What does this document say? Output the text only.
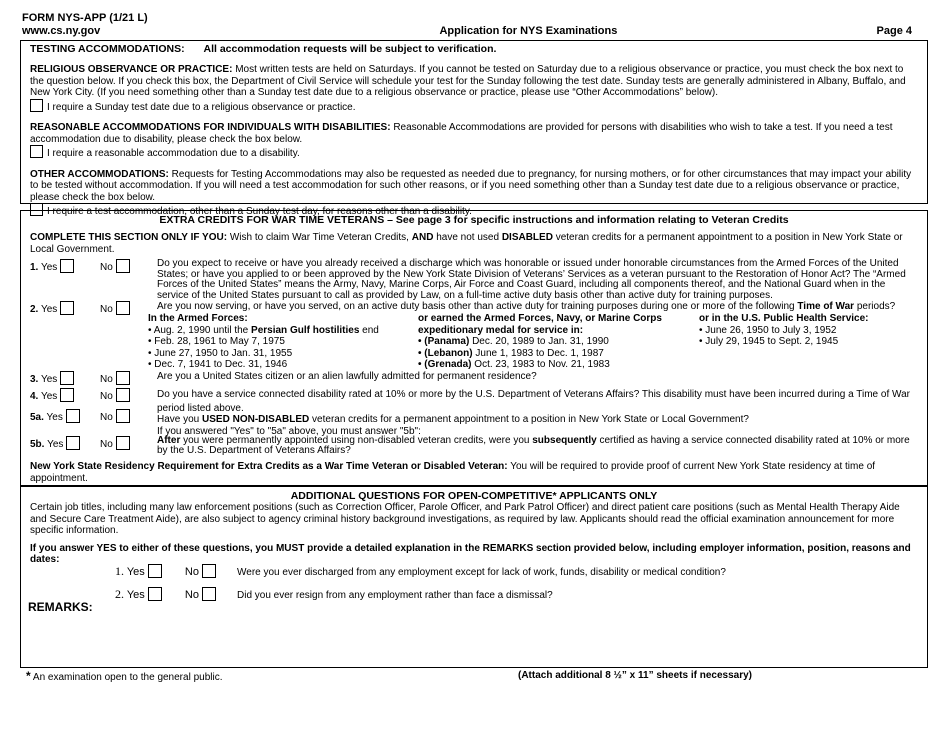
FORM NYS-APP (1/21 L)
www.cs.ny.gov	Application for NYS Examinations	Page 4

TESTING ACCOMMODATIONS: All accommodation requests will be subject to verification.

RELIGIOUS OBSERVANCE OR PRACTICE: Most written tests are held on Saturdays. If you cannot be tested on Saturday due to a religious observance or practice, you must check the box next to the question below. If you check this box, the Department of Civil Service will schedule your test for the Sunday following the test date. Sunday tests are generally administered in Albany, Buffalo, and New York City. (If you need something other than a Sunday test date due to a religious observance or practice, please use “Other Accommodations” below).

I require a Sunday test date due to a religious observance or practice.

REASONABLE ACCOMMODATIONS FOR INDIVIDUALS WITH DISABILITIES: Reasonable Accommodations are provided for persons with disabilities who wish to take a test. If you need a test accommodation due to disability, please check the box below.

I require a reasonable accommodation due to a disability.

OTHER ACCOMMODATIONS: Requests for Testing Accommodations may also be requested as needed due to pregnancy, for nursing mothers, or for other circumstances that may impact your ability to be tested without accommodation. If you will need a test accommodation for such other reasons, or if you need something other than a Sunday test date due to a religious observance or practice, please check the box below.

I require a test accommodation, other than a Sunday test day, for reasons other than a disability.

EXTRA CREDITS FOR WAR TIME VETERANS – See page 3 for specific instructions and information relating to Veteran Credits
COMPLETE THIS SECTION ONLY IF YOU: Wish to claim War Time Veteran Credits, AND have not used DISABLED veteran credits for a permanent appointment to a position in New York State or Local Government.
1. Yes	No	Do you expect to receive or have you already received a discharge which was honorable or issued under honorable circumstances from the Armed Forces of the United States; or have you applied to or been approved by the New York State Division of Veterans’ Services as a veteran pursuant to the Restoration of Honor Act? The “Armed Forces of the United States” means the Army, Navy, Marine Corps, Air Force and Coast Guard, including all components thereof, and the National Guard when in the service of the United States pursuant to call as provided by Law, on a full-time active duty basis other than active duty for training purposes.
2. Yes	No	Are you now serving, or have you served, on an active duty basis other than active duty for training purposes during one or more of the following Time of War periods?
In the Armed Forces:
• Aug. 2, 1990 until the Persian Gulf hostilities end
• Feb. 28, 1961 to May 7, 1975
• June 27, 1950 to Jan. 31, 1955
• Dec. 7, 1941 to Dec. 31, 1946
or earned the Armed Forces, Navy, or Marine Corps
expeditionary medal for service in:
• (Panama) Dec. 20, 1989 to Jan. 31, 1990
• (Lebanon) June 1, 1983 to Dec. 1, 1987
• (Grenada) Oct. 23, 1983 to Nov. 21, 1983
or in the U.S. Public Health Service:
• June 26, 1950 to July 3, 1952
• July 29, 1945 to Sept. 2, 1945
3. Yes	No	Are you a United States citizen or an alien lawfully admitted for permanent residence?
4. Yes	No	Do you have a service connected disability rated at 10% or more by the U.S. Department of Veterans Affairs? This disability must have been incurred during a Time of War period listed above.
5a. Yes	No	Have you USED NON-DISABLED veteran credits for a permanent appointment to a position in New York State or Local Government?
If you answered "Yes" to "5a" above, you must answer "5b":
5b. Yes	No	After you were permanently appointed using non-disabled veteran credits, were you subsequently certified as having a service connected disability rated at 10% or more by the U.S. Department of Veterans Affairs?
New York State Residency Requirement for Extra Credits as a War Time Veteran or Disabled Veteran: You will be required to provide proof of current New York State residency at time of appointment.
ADDITIONAL QUESTIONS FOR OPEN-COMPETITIVE* APPLICANTS ONLY

Certain job titles, including many law enforcement positions (such as Correction Officer, Parole Officer, and Park Patrol Officer) and direct patient care positions (such as Mental Health Therapy Aide and Secure Care Treatment Aide), are also subject to agency criminal history background investigations, as required by law. Applicants should read the official examination announcement for more specific information.

If you answer YES to either of these questions, you MUST provide a detailed explanation in the REMARKS section provided below, including employer information, position, reasons and dates:

1. Yes	No	Were you ever discharged from any employment except for lack of work, funds, disability or medical condition?
2. Yes	No	Did you ever resign from any employment rather than face a dismissal?
REMARKS:
* An examination open to the general public.	(Attach additional 8 ½” x 11” sheets if necessary)
